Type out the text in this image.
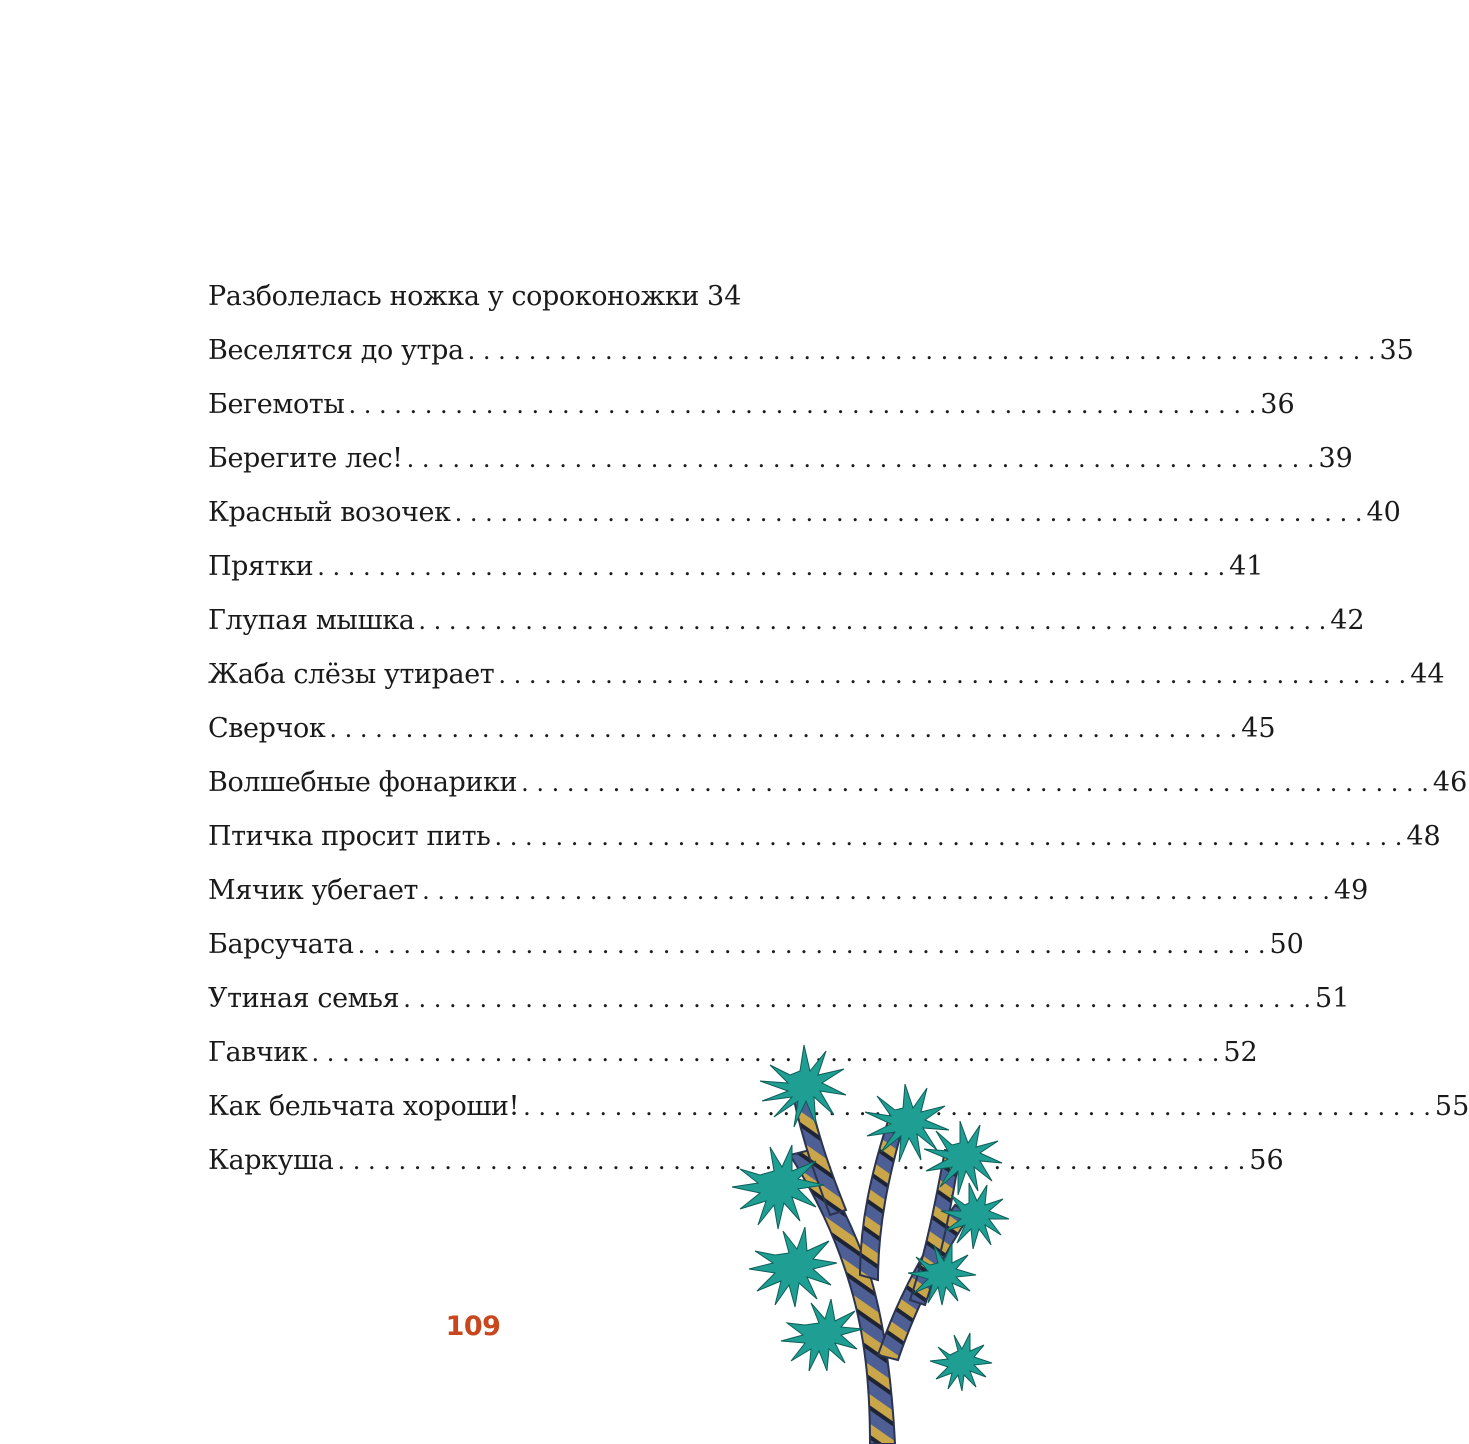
Разболелась ножка у сороконожки 34
Веселятся до утра . . .	35
Бегемоты . . .	36
Берегите лес! . . .	39
Красный возочек . . .	40
Прятки . . .	41
Глупая мышка . . .	42
Жаба слёзы утирает . . .	44
Сверчок . . .	45
Волшебные фонарики . . .	46
Птичка просит пить . . .	48
Мячик убегает . . .	49
Барсучата . . .	50
Утиная семья . . .	51
Гавчик . . .	52
Как бельчата хороши! . . .	55
Каркуша . . .	56
109
